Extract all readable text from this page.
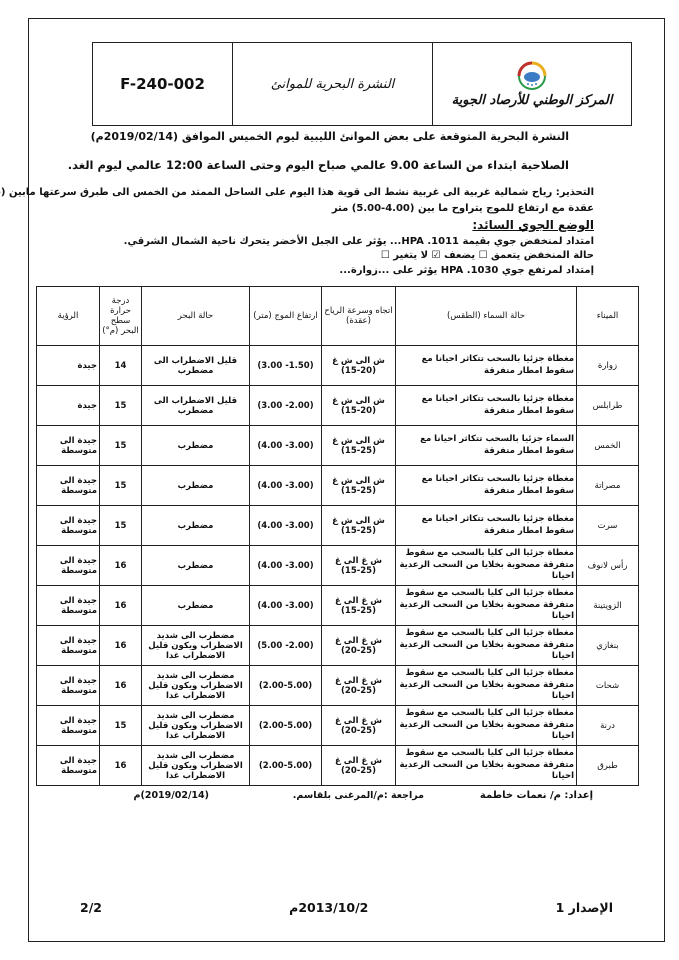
F-240-002	النشرة البحرية للموانئ
المركز الوطني للأرصاد الجوية
النشرة البحرية المتوقعة على بعض الموانئ الليبية ليوم الخميس الموافق (2019/02/14م)
الصلاحية ابتداء من الساعة 9.00 عالمي صباح اليوم وحتى الساعة 12:00 عالمي ليوم الغد.
التحذير: رياح شمالية غربية الى غربية نشط الى قوية هذا اليوم على الساحل الممتد من الخمس الى طبرق سرعتها مابين (
عقدة مع ارتفاع للموج يتراوح ما بين (4.00-5.00) متر
الوضع الجوي السائد:
امتداد لمنخفض جوي بقيمة 1011. HPA... يؤثر على الجبل الأخضر يتحرك ناحية الشمال الشرقي.
حالة المنخفض يتعمق ☐ يضعف ☑ لا يتغير ☐
إمتداد لمرتفع جوي 1030. HPA يؤثر على ...زوارة...
الميناء	حالة السماء (الطقس)	اتجاه وسرعة الرياح (عقدة)	ارتفاع الموج (متر)	حالة البحر	درجة حرارة سطح البحر (م°)	الرؤية
زوارة	مغطاة جزئيا بالسحب تتكاثر احيانا مع سقوط امطار متفرقة	ش الى ش غ
(15-20)	(1.50- 3.00)	قليل الاضطراب الى مضطرب	14	جيدة
طرابلس	مغطاة جزئيا بالسحب تتكاثر احيانا مع سقوط امطار متفرقة	ش الى ش غ
(15-20)	(2.00- 3.00)	قليل الاضطراب الى مضطرب	15	جيدة
الخمس	السماء جزئيا بالسحب تتكاثر احيانا مع سقوط امطار متفرقة	ش الى ش غ
(15-25)	(3.00- 4.00)	مضطرب	15	جيدة الى متوسطة
مصراتة	مغطاة جزئيا بالسحب تتكاثر احيانا مع سقوط امطار متفرقة	ش الى ش غ
(15-25)	(3.00- 4.00)	مضطرب	15	جيدة الى متوسطة
سرت	مغطاة جزئيا بالسحب تتكاثر احيانا مع سقوط امطار متفرقة	ش الى ش غ
(15-25)	(3.00- 4.00)	مضطرب	15	جيدة الى متوسطة
رأس لانوف	مغطاة جزئيا الى كليا بالسحب مع سقوط متفرقة مصحوبة بخلايا من السحب الرعدية احيانا	ش غ الى غ
(15-25)	(3.00- 4.00)	مضطرب	16	جيدة الى متوسطة
الزويتينة	مغطاة جزئيا الى كليا بالسحب مع سقوط متفرقة مصحوبة بخلايا من السحب الرعدية احيانا	ش غ الى غ
(15-25)	(3.00- 4.00)	مضطرب	16	جيدة الى متوسطة
بنغازي	مغطاة جزئيا الى كليا بالسحب مع سقوط متفرقة مصحوبة بخلايا من السحب الرعدية احيانا	ش غ الى غ
(20-25)	(2.00- 5.00)	مضطرب الى شديد الاضطراب ويكون قليل الاضطراب غدا	16	جيدة الى متوسطة
شحات	مغطاة جزئيا الى كليا بالسحب مع سقوط متفرقة مصحوبة بخلايا من السحب الرعدية احيانا	ش غ الى غ
(20-25)	(2.00-5.00)	مضطرب الى شديد الاضطراب ويكون قليل الاضطراب غدا	16	جيدة الى متوسطة
درنة	مغطاة جزئيا الى كليا بالسحب مع سقوط متفرقة مصحوبة بخلايا من السحب الرعدية احيانا	ش غ الى غ
(20-25)	(2.00-5.00)	مضطرب الى شديد الاضطراب ويكون قليل الاضطراب غدا	15	جيدة الى متوسطة
طبرق	مغطاة جزئيا الى كليا بالسحب مع سقوط متفرقة مصحوبة بخلايا من السحب الرعدية احيانا	ش غ الى غ
(20-25)	(2.00-5.00)	مضطرب الى شديد الاضطراب ويكون قليل الاضطراب غدا	16	جيدة الى متوسطة
إعداد: م/ نعمات خاطمة
مراجعة :م/المرغنى بلقاسم.
(2019/02/14)م
الإصدار 1
2013/10/2م
2/2
